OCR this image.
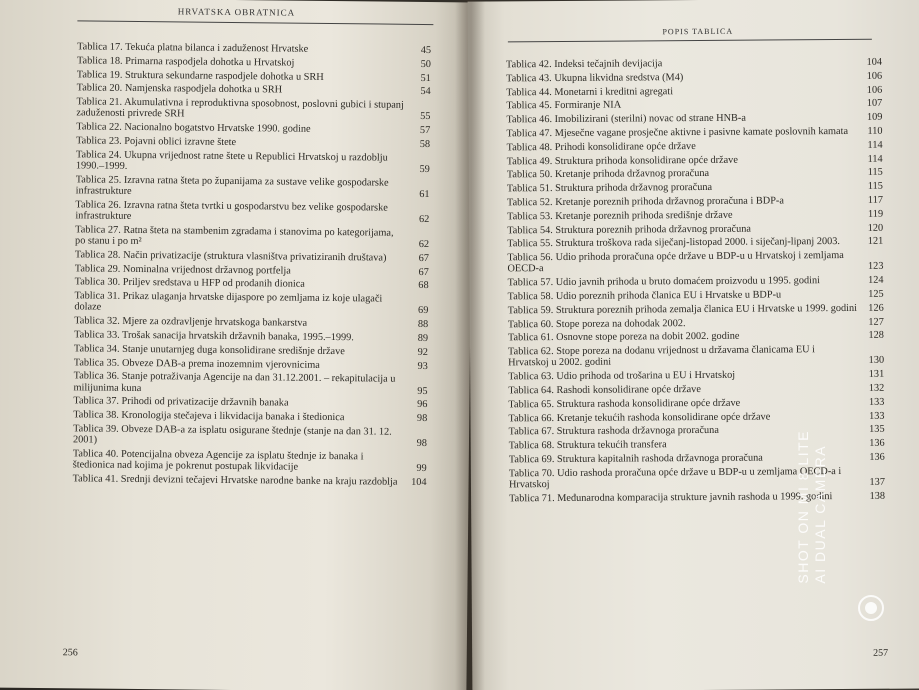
HRVATSKA OBRATNICA
Tablica 17. Tekuća platna bilanca i zaduženost Hrvatske	45
Tablica 18. Primarna raspodjela dohotka u Hrvatskoj	50
Tablica 19. Struktura sekundarne raspodjele dohotka u SRH	51
Tablica 20. Namjenska raspodjela dohotka u SRH	54
Tablica 21. Akumulativna i reproduktivna sposobnost, poslovni gubici i stupanj zaduženosti privrede SRH	55
Tablica 22. Nacionalno bogatstvo Hrvatske 1990. godine	57
Tablica 23. Pojavni oblici izravne štete	58
Tablica 24. Ukupna vrijednost ratne štete u Republici Hrvatskoj u razdoblju 1990.–1999.	59
Tablica 25. Izravna ratna šteta po županijama za sustave velike gospodarske infrastrukture	61
Tablica 26. Izravna ratna šteta tvrtki u gospodarstvu bez velike gospodarske infrastrukture	62
Tablica 27. Ratna šteta na stambenim zgradama i stanovima po kategorijama, po stanu i po m²	62
Tablica 28. Način privatizacije (struktura vlasništva privatiziranih društava)	67
Tablica 29. Nominalna vrijednost državnog portfelja	67
Tablica 30. Priljev sredstava u HFP od prodanih dionica	68
Tablica 31. Prikaz ulaganja hrvatske dijaspore po zemljama iz koje ulagači dolaze	69
Tablica 32. Mjere za ozdravljenje hrvatskoga bankarstva	88
Tablica 33. Trošak sanacija hrvatskih državnih banaka, 1995.–1999.	89
Tablica 34. Stanje unutarnjeg duga konsolidirane središnje države	92
Tablica 35. Obveze DAB-a prema inozemnim vjerovnicima	93
Tablica 36. Stanje potraživanja Agencije na dan 31.12.2001. – rekapitulacija u milijunima kuna	95
Tablica 37. Prihodi od privatizacije državnih banaka	96
Tablica 38. Kronologija stečajeva i likvidacija banaka i štedionica	98
Tablica 39. Obveze DAB-a za isplatu osigurane štednje (stanje na dan 31. 12. 2001)	98
Tablica 40. Potencijalna obveza Agencije za isplatu štednje iz banaka i štedionica nad kojima je pokrenut postupak likvidacije	99
Tablica 41. Srednji devizni tečajevi Hrvatske narodne banke na kraju razdoblja 104
256
POPIS TABLICA
Tablica 42. Indeksi tečajnih devijacija	104
Tablica 43. Ukupna likvidna sredstva (M4)	106
Tablica 44. Monetarni i kreditni agregati	106
Tablica 45. Formiranje NIA	107
Tablica 46. Imobilizirani (sterilni) novac od strane HNB-a	109
Tablica 47. Mjesečne vagane prosječne aktivne i pasivne kamate poslovnih kamata	110
Tablica 48. Prihodi konsolidirane opće države	114
Tablica 49. Struktura prihoda konsolidirane opće države	114
Tablica 50. Kretanje prihoda državnog proračuna	115
Tablica 51. Struktura prihoda državnog proračuna	115
Tablica 52. Kretanje poreznih prihoda državnog proračuna i BDP-a	117
Tablica 53. Kretanje poreznih prihoda središnje države	119
Tablica 54. Struktura poreznih prihoda državnog proračuna	120
Tablica 55. Struktura troškova rada siječanj-listopad 2000. i siječanj-lipanj 2003.	121
Tablica 56. Udio prihoda proračuna opće države u BDP-u u Hrvatskoj i zemljama OECD-a	123
Tablica 57. Udio javnih prihoda u bruto domaćem proizvodu u 1995. godini	124
Tablica 58. Udio poreznih prihoda članica EU i Hrvatske u BDP-u	125
Tablica 59. Struktura poreznih prihoda zemalja članica EU i Hrvatske u 1999. godini 126
Tablica 60. Stope poreza na dohodak 2002.	127
Tablica 61. Osnovne stope poreza na dobit 2002. godine	128
Tablica 62. Stope poreza na dodanu vrijednost u državama članicama EU i Hrvatskoj u 2002. godini	130
Tablica 63. Udio prihoda od trošarina u EU i Hrvatskoj	131
Tablica 64. Rashodi konsolidirane opće države	132
Tablica 65. Struktura rashoda konsolidirane opće države	133
Tablica 66. Kretanje tekućih rashoda konsolidirane opće države	133
Tablica 67. Struktura rashoda državnoga proračuna	135
Tablica 68. Struktura tekućih transfera	136
Tablica 69. Struktura kapitalnih rashoda državnoga proračuna	136
Tablica 70. Udio rashoda proračuna opće države u BDP-u u zemljama OECD-a i Hrvatskoj	137
Tablica 71. Međunarodna komparacija strukture javnih rashoda u 1999. godini	138
257
SHOT ON MI 8 LITE AI DUAL CAMERA
